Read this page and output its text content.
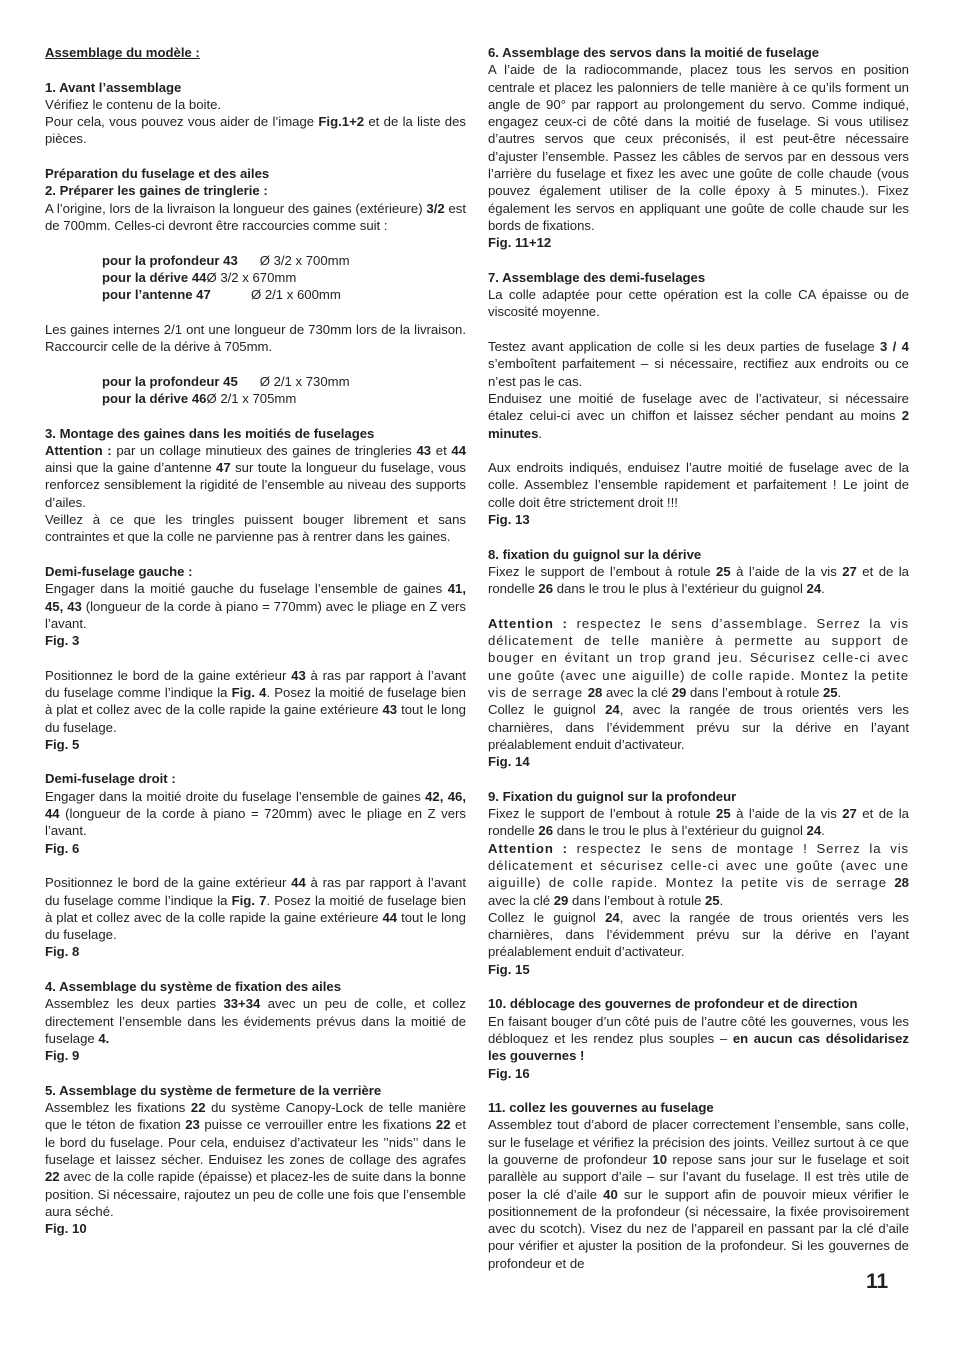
Assemblage du modèle :

1. Avant l’assemblage

Vérifiez le contenu de la boite.

Pour cela, vous pouvez vous aider de l’image Fig.1+2 et de la liste des pièces.

Préparation du fuselage et des ailes

2. Préparer les gaines de tringlerie :

A l’origine, lors de la livraison la longueur des gaines (extérieure) 3/2 est de 700mm. Celles-ci devront être raccourcies comme suit :

pour la profondeur 43 Ø 3/2 x 700mm
pour la dérive 44 Ø 3/2 x 670mm
pour l’antenne 47 Ø 2/1 x 600mm

Les gaines internes 2/1 ont une longueur de 730mm lors de la livraison. Raccourcir celle de la dérive à 705mm.

pour la profondeur 45 Ø 2/1 x 730mm
pour la dérive 46 Ø 2/1 x 705mm

3. Montage des gaines dans les moitiés de fuselages

Attention : par un collage minutieux des gaines de tringleries 43 et 44 ainsi que la gaine d’antenne 47 sur toute la longueur du fuselage, vous renforcez sensiblement la rigidité de l’ensemble au niveau des supports d’ailes.

Veillez à ce que les tringles puissent bouger librement et sans contraintes et que la colle ne parvienne pas à rentrer dans les gaines.

Demi-fuselage gauche :

Engager dans la moitié gauche du fuselage l’ensemble de gaines 41, 45, 43 (longueur de la corde à piano = 770mm) avec le pliage en Z vers l’avant.

Fig. 3

Positionnez le bord de la gaine extérieur 43 à ras par rapport à l’avant du fuselage comme l’indique la Fig. 4. Posez la moitié de fuselage bien à plat et collez avec de la colle rapide la gaine extérieure 43 tout le long du fuselage.

Fig. 5

Demi-fuselage droit :

Engager dans la moitié droite du fuselage l’ensemble de gaines 42, 46, 44 (longueur de la corde à piano = 720mm) avec le pliage en Z vers l’avant.

Fig. 6

Positionnez le bord de la gaine extérieur 44 à ras par rapport à l’avant du fuselage comme l’indique la Fig. 7. Posez la moitié de fuselage bien à plat et collez avec de la colle rapide la gaine extérieure 44 tout le long du fuselage.

Fig. 8

4. Assemblage du système de fixation des ailes

Assemblez les deux parties 33+34 avec un peu de colle, et collez directement l’ensemble dans les évidements prévus dans la moitié de fuselage 4.

Fig. 9

5. Assemblage du système de fermeture de la verrière

Assemblez les fixations 22 du système Canopy-Lock de telle manière que le téton de fixation 23 puisse ce verrouiller entre les fixations 22 et le bord du fuselage. Pour cela, enduisez d’activateur les ’’nids’’ dans le fuselage et laissez sécher. Enduisez les zones de collage des agrafes 22 avec de la colle rapide (épaisse) et placez-les de suite dans la bonne position. Si nécessaire, rajoutez un peu de colle une fois que l’ensemble aura séché.

Fig. 10

6. Assemblage des servos dans la moitié de fuselage

A l’aide de la radiocommande, placez tous les servos en position centrale et placez les palonniers de telle manière à ce qu’ils forment un angle de 90° par rapport au prolongement du servo. Comme indiqué, engagez ceux-ci de côté dans la moitié de fuselage. Si vous utilisez d’autres servos que ceux préconisés, il est peut-être nécessaire d’ajuster l’ensemble. Passez les câbles de servos par en dessous vers l’arrière du fuselage et fixez les avec une goûte de colle chaude (vous pouvez également utiliser de la colle époxy à 5 minutes.). Fixez également les servos en appliquant une goûte de colle chaude sur les bords de fixations.

Fig. 11+12

7. Assemblage des demi-fuselages

La colle adaptée pour cette opération est la colle CA épaisse ou de viscosité moyenne.

Testez avant application de colle si les deux parties de fuselage 3 / 4 s’emboîtent parfaitement – si nécessaire, rectifiez aux endroits ou ce n’est pas le cas.

Enduisez une moitié de fuselage avec de l’activateur, si nécessaire étalez celui-ci avec un chiffon et laissez sécher pendant au moins 2 minutes.

Aux endroits indiqués, enduisez l’autre moitié de fuselage avec de la colle. Assemblez l’ensemble rapidement et parfaitement ! Le joint de colle doit être strictement droit !!!

Fig. 13

8. fixation du guignol sur la dérive

Fixez le support de l’embout à rotule 25 à l’aide de la vis 27 et de la rondelle 26 dans le trou le plus à l’extérieur du guignol 24.

Attention : respectez le sens d’assemblage. Serrez la vis délicatement de telle manière à permette au support de bouger en évitant un trop grand jeu. Sécurisez celle-ci avec une goûte (avec une aiguille) de colle rapide. Montez la petite vis de serrage 28 avec la clé 29 dans l’embout à rotule 25.

Collez le guignol 24, avec la rangée de trous orientés vers les charnières, dans l’évidemment prévu sur la dérive en l’ayant préalablement enduit d’activateur.

Fig. 14

9. Fixation du guignol sur la profondeur

Fixez le support de l’embout à rotule 25 à l’aide de la vis 27 et de la rondelle 26 dans le trou le plus à l’extérieur du guignol 24.

Attention : respectez le sens de montage ! Serrez la vis délicatement et sécurisez celle-ci avec une goûte (avec une aiguille) de colle rapide. Montez la petite vis de serrage 28 avec la clé 29 dans l’embout à rotule 25.

Collez le guignol 24, avec la rangée de trous orientés vers les charnières, dans l’évidemment prévu sur la dérive en l’ayant préalablement enduit d’activateur.

Fig. 15

10. déblocage des gouvernes de profondeur et de direction

En faisant bouger d’un côté puis de l’autre côté les gouvernes, vous les débloquez et les rendez plus souples – en aucun cas désolidarisez les gouvernes !

Fig. 16

11. collez les gouvernes au fuselage

Assemblez tout d’abord de placer correctement l’ensemble, sans colle, sur le fuselage et vérifiez la précision des joints. Veillez surtout à ce que la gouverne de profondeur 10 repose sans jour sur le fuselage et soit parallèle au support d’aile – sur l’avant du fuselage. Il est très utile de poser la clé d’aile 40 sur le support afin de pouvoir mieux vérifier le positionnement de la profondeur (si nécessaire, la fixée provisoirement avec du scotch). Visez du nez de l’appareil en passant par la clé d’aile pour vérifier et ajuster la position de la profondeur. Si les gouvernes de profondeur et de

11
